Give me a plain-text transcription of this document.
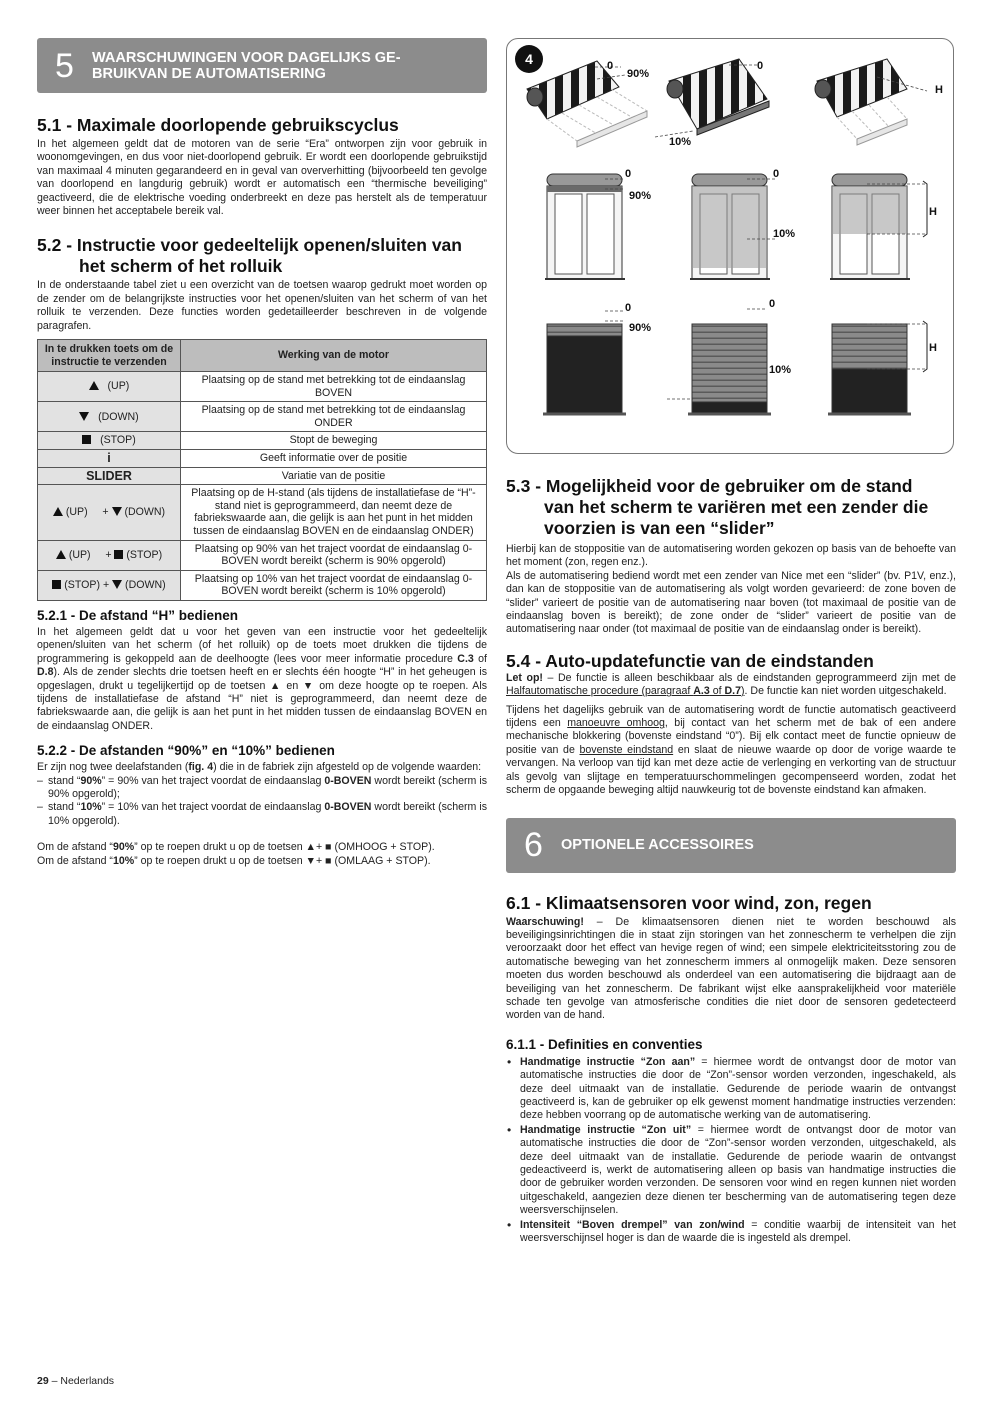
5	WAARSCHUWINGEN VOOR DAGELIJKS GE-
BRUIKVAN DE AUTOMATISERING
5.1 - Maximale doorlopende gebruikscyclus

In het algemeen geldt dat de motoren van de serie “Era” ontworpen zijn voor gebruik in woonomgevingen, en dus voor niet-doorlopend gebruik. Er wordt een doorlopende gebruikstijd van maximaal 4 minuten gegarandeerd en in geval van oververhitting (bijvoorbeeld ten gevolge van doorlopend en langdurig gebruik) wordt er automatisch een “thermische beveiliging” geactiveerd, die de elektrische voeding onderbreekt en deze pas herstelt als de temperatuur weer binnen het acceptabele bereik val.

5.2 - Instructie voor gedeeltelijk openen/sluiten van
het scherm of het rolluik

In de onderstaande tabel ziet u een overzicht van de toetsen waarop gedrukt moet worden op de zender om de belangrijkste instructies voor het openen/sluiten van het scherm of van het rolluik te verzenden. Deze functies worden gedetailleerder beschreven in de volgende paragrafen.

In te drukken toets om de instructie te verzenden	Werking van de motor
(UP)	Plaatsing op de stand met betrekking tot de eindaanslag BOVEN
(DOWN)	Plaatsing op de stand met betrekking tot de eindaanslag ONDER
(STOP)	Stopt de beweging
i	Geeft informatie over de positie
SLIDER	Variatie van de positie
(UP) + (DOWN)	Plaatsing op de H-stand (als tijdens de installatiefase de “H”-stand niet is geprogrammeerd, dan neemt deze de fabriekswaarde aan, die gelijk is aan het punt in het midden tussen de eindaanslag BOVEN en de eindaanslag ONDER)
(UP) + (STOP)	Plaatsing op 90% van het traject voordat de eindaanslag 0-BOVEN wordt bereikt (scherm is 90% opgerold)
(STOP) + (DOWN)	Plaatsing op 10% van het traject voordat de eindaanslag 0-BOVEN wordt bereikt (scherm is 10% opgerold)
5.2.1 - De afstand “H” bedienen

In het algemeen geldt dat u voor het geven van een instructie voor het gedeeltelijk openen/sluiten van het scherm (of het rolluik) op de toets moet drukken die tijdens de programmering is gekoppeld aan de deelhoogte (lees voor meer informatie procedure C.3 of D.8). Als de zender slechts drie toetsen heeft en er slechts één hoogte “H” in het geheugen is opgeslagen, drukt u tegelijkertijd op de toetsen ▲ en ▼ om deze hoogte op te roepen. Als tijdens de installatiefase de afstand “H” niet is geprogrammeerd, dan neemt deze de fabriekswaarde aan, die gelijk is aan het punt in het midden tussen de eindaanslag BOVEN en de eindaanslag ONDER.

5.2.2 - De afstanden “90%” en “10%” bedienen

Er zijn nog twee deelafstanden (fig. 4) die in de fabriek zijn afgesteld op de volgende waarden:

– stand “90%” = 90% van het traject voordat de eindaanslag 0-BOVEN wordt bereikt (scherm is 90% opgerold);
– stand “10%” = 10% van het traject voordat de eindaanslag 0-BOVEN wordt bereikt (scherm is 10% opgerold).

Om de afstand “90%” op te roepen drukt u op de toetsen ▲+ ■ (OMHOOG + STOP).

Om de afstand “10%” op te roepen drukt u op de toetsen ▼+ ■ (OMLAAG + STOP).

4	0
90%
0
10%
H
0
90%
0
10%
H
0
90%
0
10%
H
5.3 - Mogelijkheid voor de gebruiker om de stand
van het scherm te variëren met een zender die
voorzien is van een “slider”

Hierbij kan de stoppositie van de automatisering worden gekozen op basis van de behoefte van het moment (zon, regen enz.).

Als de automatisering bediend wordt met een zender van Nice met een “slider” (bv. P1V, enz.), dan kan de stoppositie van de automatisering als volgt worden gevarieerd: de zone boven de “slider” varieert de positie van de automatisering naar boven (tot maximaal de positie van de eindaanslag boven is bereikt); de zone onder de “slider” varieert de positie van de automatisering naar onder (tot maximaal de positie van de eindaanslag onder is bereikt).

5.4 - Auto-updatefunctie van de eindstanden

Let op! – De functie is alleen beschikbaar als de eindstanden geprogrammeerd zijn met de Halfautomatische procedure (paragraaf A.3 of D.7). De functie kan niet worden uitgeschakeld.

Tijdens het dagelijks gebruik van de automatisering wordt de functie automatisch geactiveerd tijdens een manoeuvre omhoog, bij contact van het scherm met de bak of een andere mechanische blokkering (bovenste eindstand “0”). Bij elk contact meet de functie opnieuw de positie van de bovenste eindstand en slaat de nieuwe waarde op door de vorige waarde te vervangen. Na verloop van tijd kan met deze actie de verlenging en verkorting van de structuur als gevolg van slijtage en temperatuurschommelingen gecompenseerd worden, zodat het scherm de opgaande beweging altijd nauwkeurig tot de bovenste eindstand kan afmaken.

6	OPTIONELE ACCESSOIRES
6.1 - Klimaatsensoren voor wind, zon, regen

Waarschuwing! – De klimaatsensoren dienen niet te worden beschouwd als beveiligingsinrichtingen die in staat zijn storingen van het zonnescherm te verhelpen die zijn veroorzaakt door het effect van hevige regen of wind; een simpele elektriciteitsstoring zou de automatische beweging van het zonnescherm immers al onmogelijk maken. Deze sensoren moeten dus worden beschouwd als onderdeel van een automatisering die bijdraagt aan de beveiliging van het zonnescherm. De fabrikant wijst elke aansprakelijkheid voor materiële schade ten gevolge van atmosferische condities die niet door de sensoren gedetecteerd worden van de hand.

6.1.1 - Definities en conventies
• Handmatige instructie “Zon aan” = hiermee wordt de ontvangst door de motor van automatische instructies die door de “Zon”-sensor worden verzonden, ingeschakeld, als deze deel uitmaakt van de installatie. Gedurende de periode waarin de ontvangst geactiveerd is, kan de gebruiker op elk gewenst moment handmatige instructies verzenden: deze hebben voorrang op de automatische werking van de automatisering.
• Handmatige instructie “Zon uit” = hiermee wordt de ontvangst door de motor van automatische instructies die door de “Zon”-sensor worden verzonden, uitgeschakeld, als deze deel uitmaakt van de installatie. Gedurende de periode waarin de ontvangst gedeactiveerd is, werkt de automatisering alleen op basis van handmatige instructies die door de gebruiker worden verzonden. De sensoren voor wind en regen kunnen niet worden uitgeschakeld, aangezien deze dienen ter bescherming van de automatisering tegen deze weersverschijnselen.
• Intensiteit “Boven drempel” van zon/wind = conditie waarbij de intensiteit van het weersverschijnsel hoger is dan de waarde die is ingesteld als drempel.
29 – Nederlands
